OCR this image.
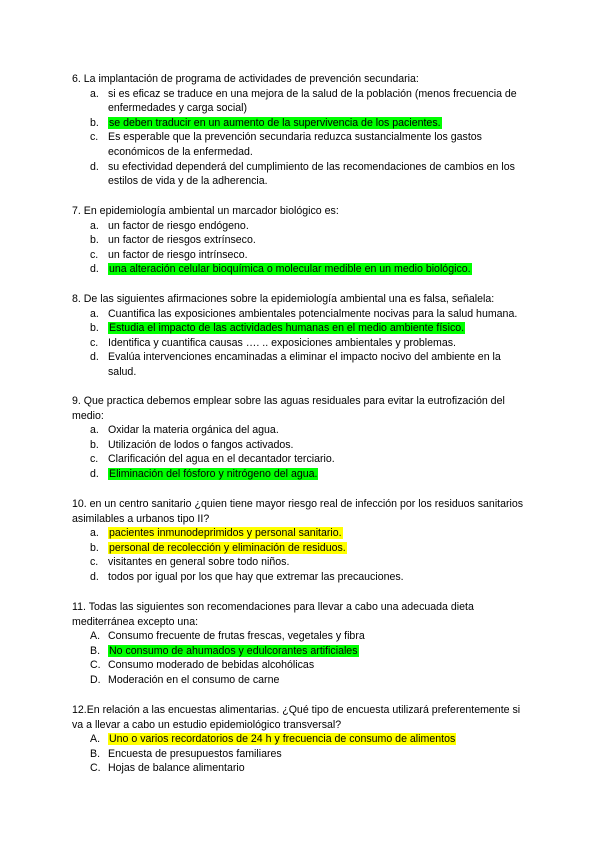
6. La implantación de programa de actividades de prevención secundaria:

a. si es eficaz se traduce en una mejora de la salud de la población (menos frecuencia de enfermedades y carga social)
b. se deben traducir en un aumento de la supervivencia de los pacientes.
c. Es esperable que la prevención secundaria reduzca sustancialmente los gastos económicos de la enfermedad.
d. su efectividad dependerá del cumplimiento de las recomendaciones de cambios en los estilos de vida y de la adherencia.

7. En epidemiología ambiental un marcador biológico es:

a. un factor de riesgo endógeno.
b. un factor de riesgos extrínseco.
c. un factor de riesgo intrínseco.
d. una alteración celular bioquímica o molecular medible en un medio biológico.

8. De las siguientes afirmaciones sobre la epidemiología ambiental una es falsa, señalela:

a. Cuantifica las exposiciones ambientales potencialmente nocivas para la salud humana.
b. Estudia el impacto de las actividades humanas en el medio ambiente físico.
c. Identifica y cuantifica causas …. .. exposiciones ambientales y problemas.
d. Evalúa intervenciones encaminadas a eliminar el impacto nocivo del ambiente en la salud.

9. Que practica debemos emplear sobre las aguas residuales para evitar la eutrofización del medio:

a. Oxidar la materia orgánica del agua.
b. Utilización de lodos o fangos activados.
c. Clarificación del agua en el decantador terciario.
d. Eliminación del fósforo y nitrógeno del agua.

10. en un centro sanitario ¿quien tiene mayor riesgo real de infección por los residuos sanitarios asimilables a urbanos tipo II?

a. pacientes inmunodeprimidos y personal sanitario.
b. personal de recolección y eliminación de residuos.
c. visitantes en general sobre todo niños.
d. todos por igual por los que hay que extremar las precauciones.

11. Todas las siguientes son recomendaciones para llevar a cabo una adecuada dieta mediterránea excepto una:

A. Consumo frecuente de frutas frescas, vegetales y fibra
B. No consumo de ahumados y edulcorantes artificiales
C. Consumo moderado de bebidas alcohólicas
D. Moderación en el consumo de carne

12.En relación a las encuestas alimentarias. ¿Qué tipo de encuesta utilizará preferentemente si va a llevar a cabo un estudio epidemiológico transversal?

A. Uno o varios recordatorios de 24 h y frecuencia de consumo de alimentos
B. Encuesta de presupuestos familiares
C. Hojas de balance alimentario
